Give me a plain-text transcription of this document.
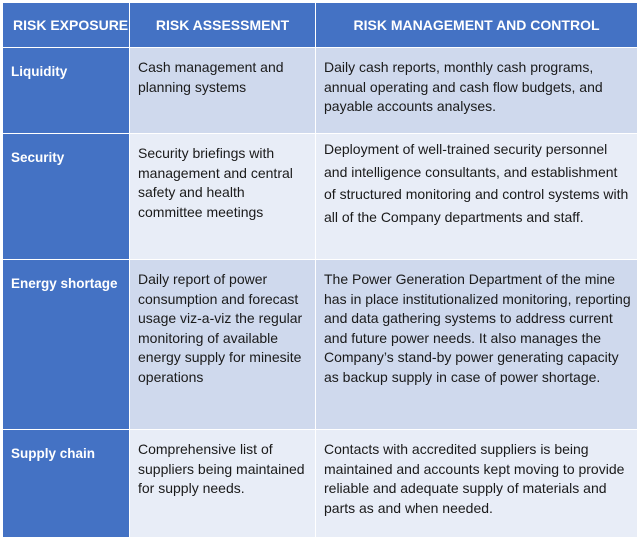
RISK EXPOSURE	RISK ASSESSMENT	RISK MANAGEMENT AND CONTROL
Liquidity	Cash management and planning systems	Daily cash reports, monthly cash programs, annual operating and cash flow budgets, and payable accounts analyses.
Security	Security briefings with management and central safety and health committee meetings	Deployment of well-trained security personnel and intelligence consultants, and establishment of structured monitoring and control systems with all of the Company departments and staff.
Energy shortage	Daily report of power consumption and forecast usage viz-a-viz the regular monitoring of available energy supply for minesite operations	The Power Generation Department of the mine has in place institutionalized monitoring, reporting and data gathering systems to address current and future power needs. It also manages the Company’s stand-by power generating capacity as backup supply in case of power shortage.
Supply chain	Comprehensive list of suppliers being maintained for supply needs.	Contacts with accredited suppliers is being maintained and accounts kept moving to provide reliable and adequate supply of materials and parts as and when needed.
